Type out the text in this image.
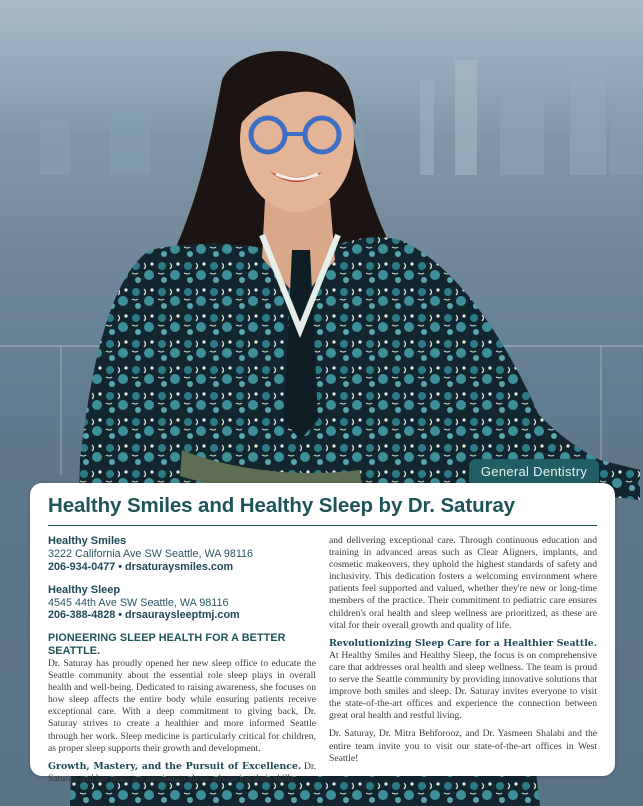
General Dentistry
Healthy Smiles and Healthy Sleep by Dr. Saturay
Healthy Smiles
3222 California Ave SW Seattle, WA 98116
206-934-0477 • drsaturaysmiles.com
Healthy Sleep
4545 44th Ave SW Seattle, WA 98116
206-388-4828 • drsauraysleeptmj.com
PIONEERING SLEEP HEALTH FOR A BETTER SEATTLE.

Dr. Saturay has proudly opened her new sleep office to educate the Seattle community about the essential role sleep plays in overall health and well-being. Dedicated to raising awareness, she focuses on how sleep affects the entire body while ensuring patients receive exceptional care. With a deep commitment to giving back, Dr. Saturay strives to create a healthier and more informed Seattle through her work. Sleep medicine is particularly critical for children, as proper sleep supports their growth and development.

Growth, Mastery, and the Pursuit of Excellence. Dr. Saturay and her team are passionate about advancing their skills

and delivering exceptional care. Through continuous education and training in advanced areas such as Clear Aligners, implants, and cosmetic makeovers, they uphold the highest standards of safety and inclusivity. This dedication fosters a welcoming environment where patients feel supported and valued, whether they're new or long-time members of the practice. Their commitment to pediatric care ensures children's oral health and sleep wellness are prioritized, as these are vital for their overall growth and quality of life.

Revolutionizing Sleep Care for a Healthier Seattle. At Healthy Smiles and Healthy Sleep, the focus is on comprehensive care that addresses oral health and sleep wellness. The team is proud to serve the Seattle community by providing innovative solutions that improve both smiles and sleep. Dr. Saturay invites everyone to visit the state-of-the-art offices and experience the connection between great oral health and restful living.

Dr. Saturay, Dr. Mitra Behforooz, and Dr. Yasmeen Shalabi and the entire team invite you to visit our state-of-the-art offices in West Seattle!
